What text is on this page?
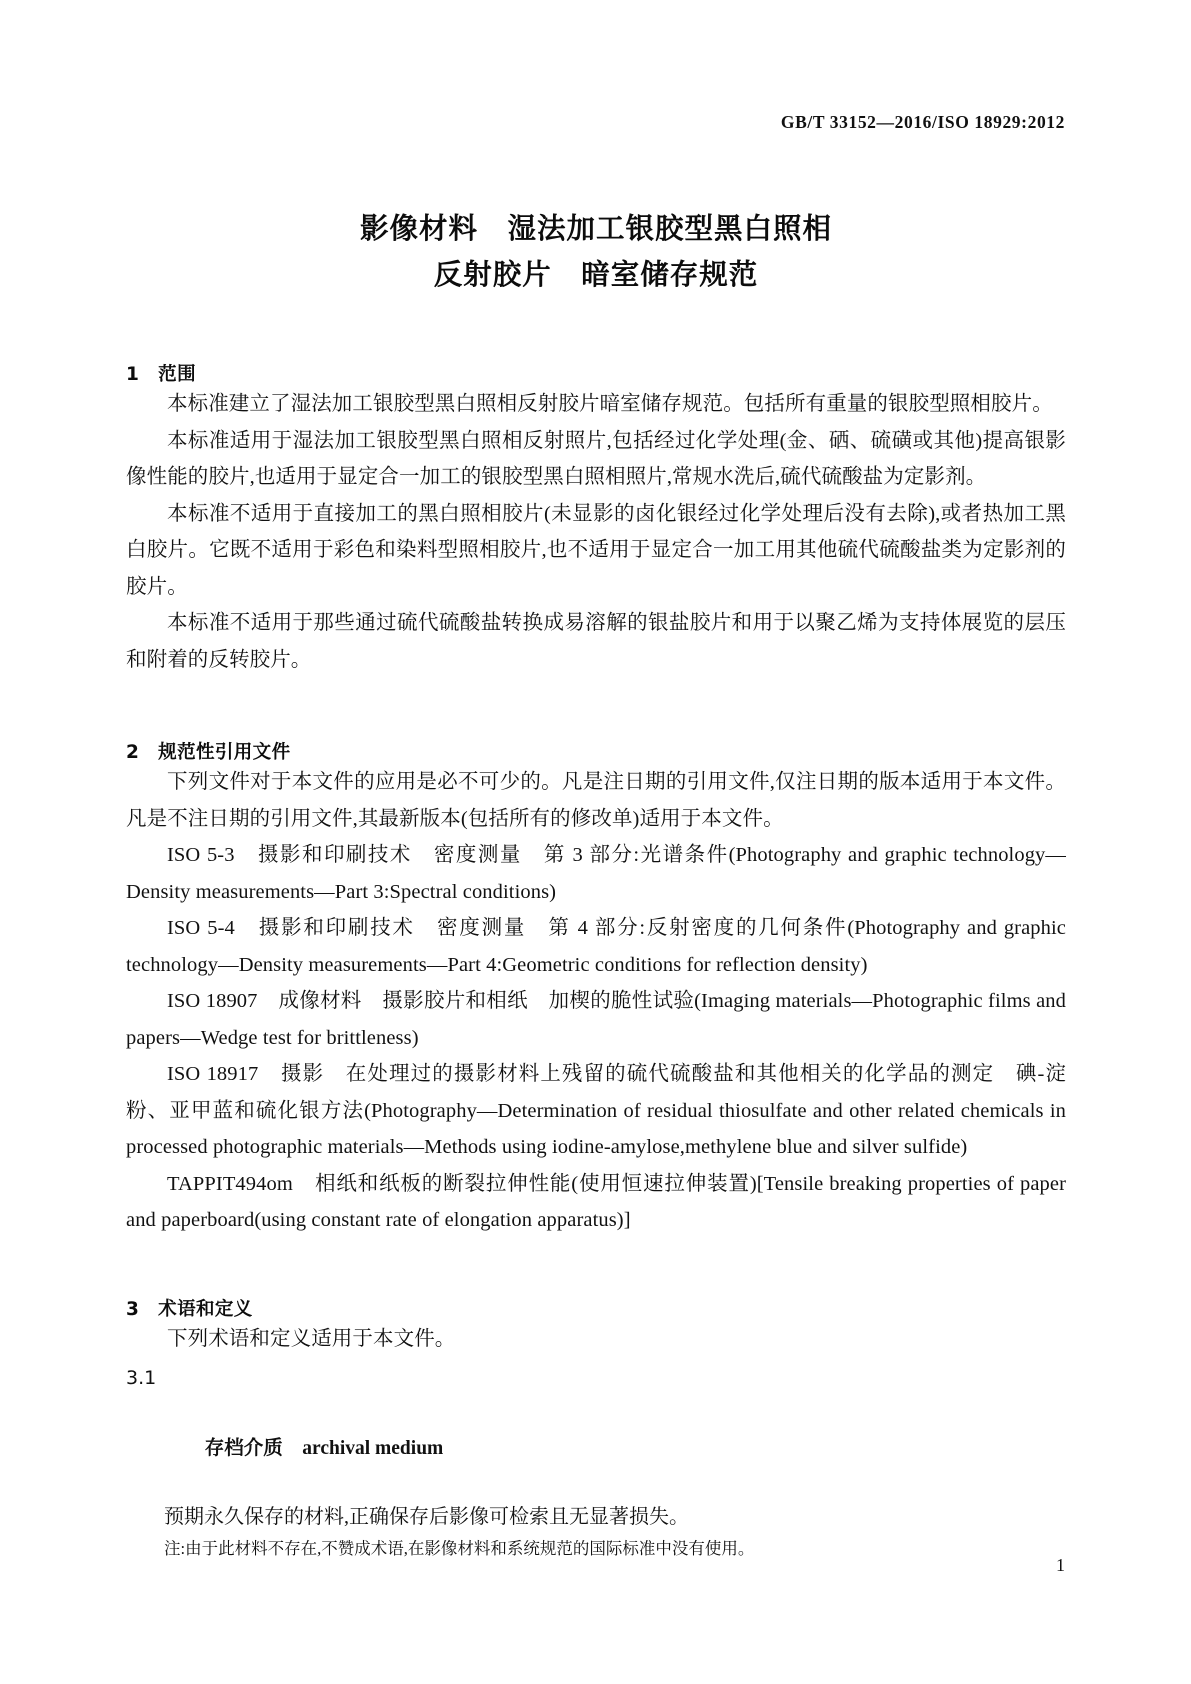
GB/T 33152—2016/ISO 18929:2012
影像材料　湿法加工银胶型黑白照相
反射胶片　暗室储存规范
1　范围

本标准建立了湿法加工银胶型黑白照相反射胶片暗室储存规范。包括所有重量的银胶型照相胶片。

本标准适用于湿法加工银胶型黑白照相反射照片,包括经过化学处理(金、硒、硫磺或其他)提高银影像性能的胶片,也适用于显定合一加工的银胶型黑白照相照片,常规水洗后,硫代硫酸盐为定影剂。

本标准不适用于直接加工的黑白照相胶片(未显影的卤化银经过化学处理后没有去除),或者热加工黑白胶片。它既不适用于彩色和染料型照相胶片,也不适用于显定合一加工用其他硫代硫酸盐类为定影剂的胶片。

本标准不适用于那些通过硫代硫酸盐转换成易溶解的银盐胶片和用于以聚乙烯为支持体展览的层压和附着的反转胶片。

2　规范性引用文件

下列文件对于本文件的应用是必不可少的。凡是注日期的引用文件,仅注日期的版本适用于本文件。凡是不注日期的引用文件,其最新版本(包括所有的修改单)适用于本文件。

ISO 5-3　摄影和印刷技术　密度测量　第 3 部分:光谱条件(Photography and graphic technology—Density measurements—Part 3:Spectral conditions)

ISO 5-4　摄影和印刷技术　密度测量　第 4 部分:反射密度的几何条件(Photography and graphic technology—Density measurements—Part 4:Geometric conditions for reflection density)

ISO 18907　成像材料　摄影胶片和相纸　加楔的脆性试验(Imaging materials—Photographic films and papers—Wedge test for brittleness)

ISO 18917　摄影　在处理过的摄影材料上残留的硫代硫酸盐和其他相关的化学品的测定　碘-淀粉、亚甲蓝和硫化银方法(Photography—Determination of residual thiosulfate and other related chemicals in processed photographic materials—Methods using iodine-amylose,methylene blue and silver sulfide)

TAPPIT494om　相纸和纸板的断裂拉伸性能(使用恒速拉伸装置)[Tensile breaking properties of paper and paperboard(using constant rate of elongation apparatus)]

3　术语和定义

下列术语和定义适用于本文件。

3.1

存档介质　 archival medium

预期永久保存的材料,正确保存后影像可检索且无显著损失。

注:由于此材料不存在,不赞成术语,在影像材料和系统规范的国际标准中没有使用。

1
